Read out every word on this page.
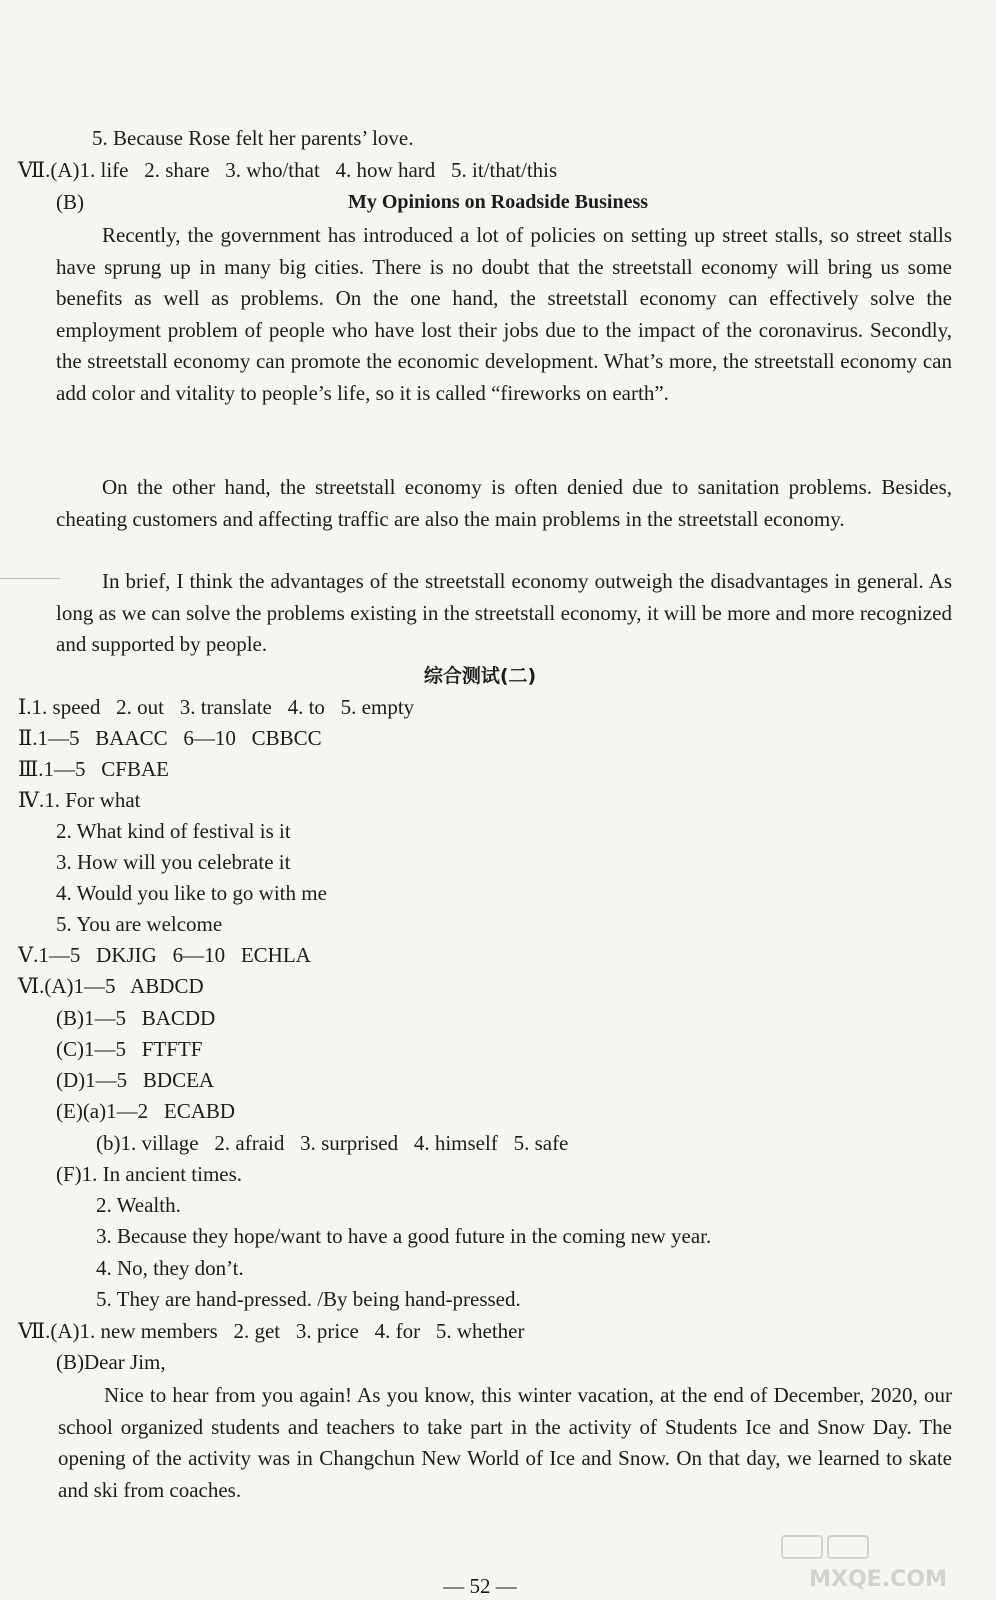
5. Because Rose felt her parents’ love.
Ⅶ.(A)1. life   2. share   3. who/that   4. how hard   5. it/that/this
(B)	My Opinions on Roadside Business
Recently, the government has introduced a lot of policies on setting up street stalls, so street stalls have sprung up in many big cities. There is no doubt that the streetstall economy will bring us some benefits as well as problems. On the one hand, the streetstall economy can effectively solve the employment problem of people who have lost their jobs due to the impact of the coronavirus. Secondly, the streetstall economy can promote the economic development. What’s more, the streetstall economy can add color and vitality to people’s life, so it is called “fireworks on earth”.
On the other hand, the streetstall economy is often denied due to sanitation problems. Besides, cheating customers and affecting traffic are also the main problems in the streetstall economy.
In brief, I think the advantages of the streetstall economy outweigh the disadvantages in general. As long as we can solve the problems existing in the streetstall economy, it will be more and more recognized and supported by people.
综合测试(二)
Ⅰ.1. speed   2. out   3. translate   4. to   5. empty
Ⅱ.1—5   BAACC   6—10   CBBCC
Ⅲ.1—5   CFBAE
Ⅳ.1. For what
2. What kind of festival is it
3. How will you celebrate it
4. Would you like to go with me
5. You are welcome
Ⅴ.1—5   DKJIG   6—10   ECHLA
Ⅵ.(A)1—5   ABDCD
(B)1—5   BACDD
(C)1—5   FTFTF
(D)1—5   BDCEA
(E)(a)1—2   ECABD
(b)1. village   2. afraid   3. surprised   4. himself   5. safe
(F)1. In ancient times.
2. Wealth.
3. Because they hope/want to have a good future in the coming new year.
4. No, they don’t.
5. They are hand-pressed. /By being hand-pressed.
Ⅶ.(A)1. new members   2. get   3. price   4. for   5. whether
(B)Dear Jim,
Nice to hear from you again! As you know, this winter vacation, at the end of December, 2020, our school organized students and teachers to take part in the activity of Students Ice and Snow Day. The opening of the activity was in Changchun New World of Ice and Snow. On that day, we learned to skate and ski from coaches.
— 52 —	MXQE.COM
